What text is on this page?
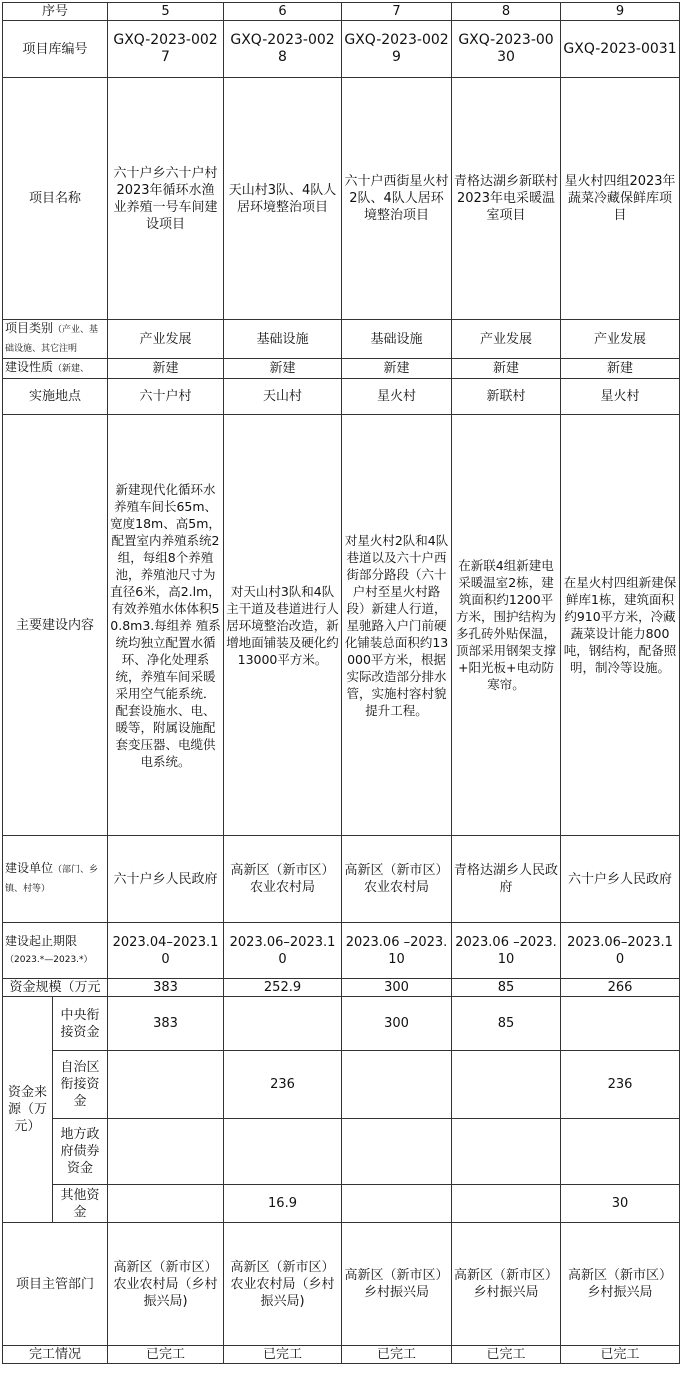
序号		5	6	7	8	9
项目库编号		GXQ-2023-0027	GXQ-2023-0028	GXQ-2023-0029	GXQ-2023-0030	GXQ-2023-0031
项目名称		六十户乡六十户村2023年循环水渔业养殖一号车间建设项目	天山村3队、4队人居环境整治项目	六十户西街星火村2队、4队人居环境整治项目	青格达湖乡新联村2023年电采暖温室项目	星火村四组2023年蔬菜冷藏保鲜库项目
项目类别（产业、基础设施、其它注明		产业发展	基础设施	基础设施	产业发展	产业发展
建设性质（新建、		新建	新建	新建	新建	新建
实施地点		六十户村	天山村	星火村	新联村	星火村
主要建设内容		新建现代化循环水养殖车间长65m、宽度18m、高5m，配置室内养殖系统2组，每组8个养殖池，养殖池尺寸为直径6米，高2.lm，有效养殖水体体积50.8m3.每组养 殖系统均独立配置水循环、净化处理系统，养殖车间采暖采用空气能系统．配套设施水、电、暖等，附属设施配套变压器、电缆供电系统。	对天山村3队和4队主干道及巷道进行人居环境整治改造，新增地面铺装及硬化约13000平方米。	对星火村2队和4队巷道以及六十户西街部分路段（六十户村至星火村路段）新建人行道，星驰路入户门前硬化铺装总面积约13000平方米，根据实际改造部分排水管，实施村容村貌提升工程。	在新联4组新建电采暖温室2栋，建筑面积约1200平方米，围护结构为多孔砖外贴保温，顶部采用钢架支撑+阳光板+电动防寒帘。	在星火村四组新建保鲜库1栋，建筑面积约910平方米，冷藏蔬菜设计能力800吨，钢结构，配备照明，制冷等设施。
建设单位（部门、乡镇、村等）		六十户乡人民政府	高新区（新市区）农业农村局	高新区（新市区）农业农村局	青格达湖乡人民政府	六十户乡人民政府
建设起止期限
（2023.*—2023.*）		2023.04–2023.10	2023.06–2023.10	2023.06 –2023.10	2023.06 –2023.10	2023.06–2023.10
资金规模（万元		383	252.9	300	85	266
资金来源（万元）	中央衔接资金	383		300	85	
	自治区衔接资金		236			236
	地方政府债券资金					
	其他资金		16.9			30
项目主管部门		高新区（新市区）农业农村局（乡村振兴局)	高新区（新市区）农业农村局（乡村振兴局)	高新区（新市区）乡村振兴局	高新区（新市区）乡村振兴局	高新区（新市区）乡村振兴局
完工情况		已完工	已完工	已完工	已完工	已完工
